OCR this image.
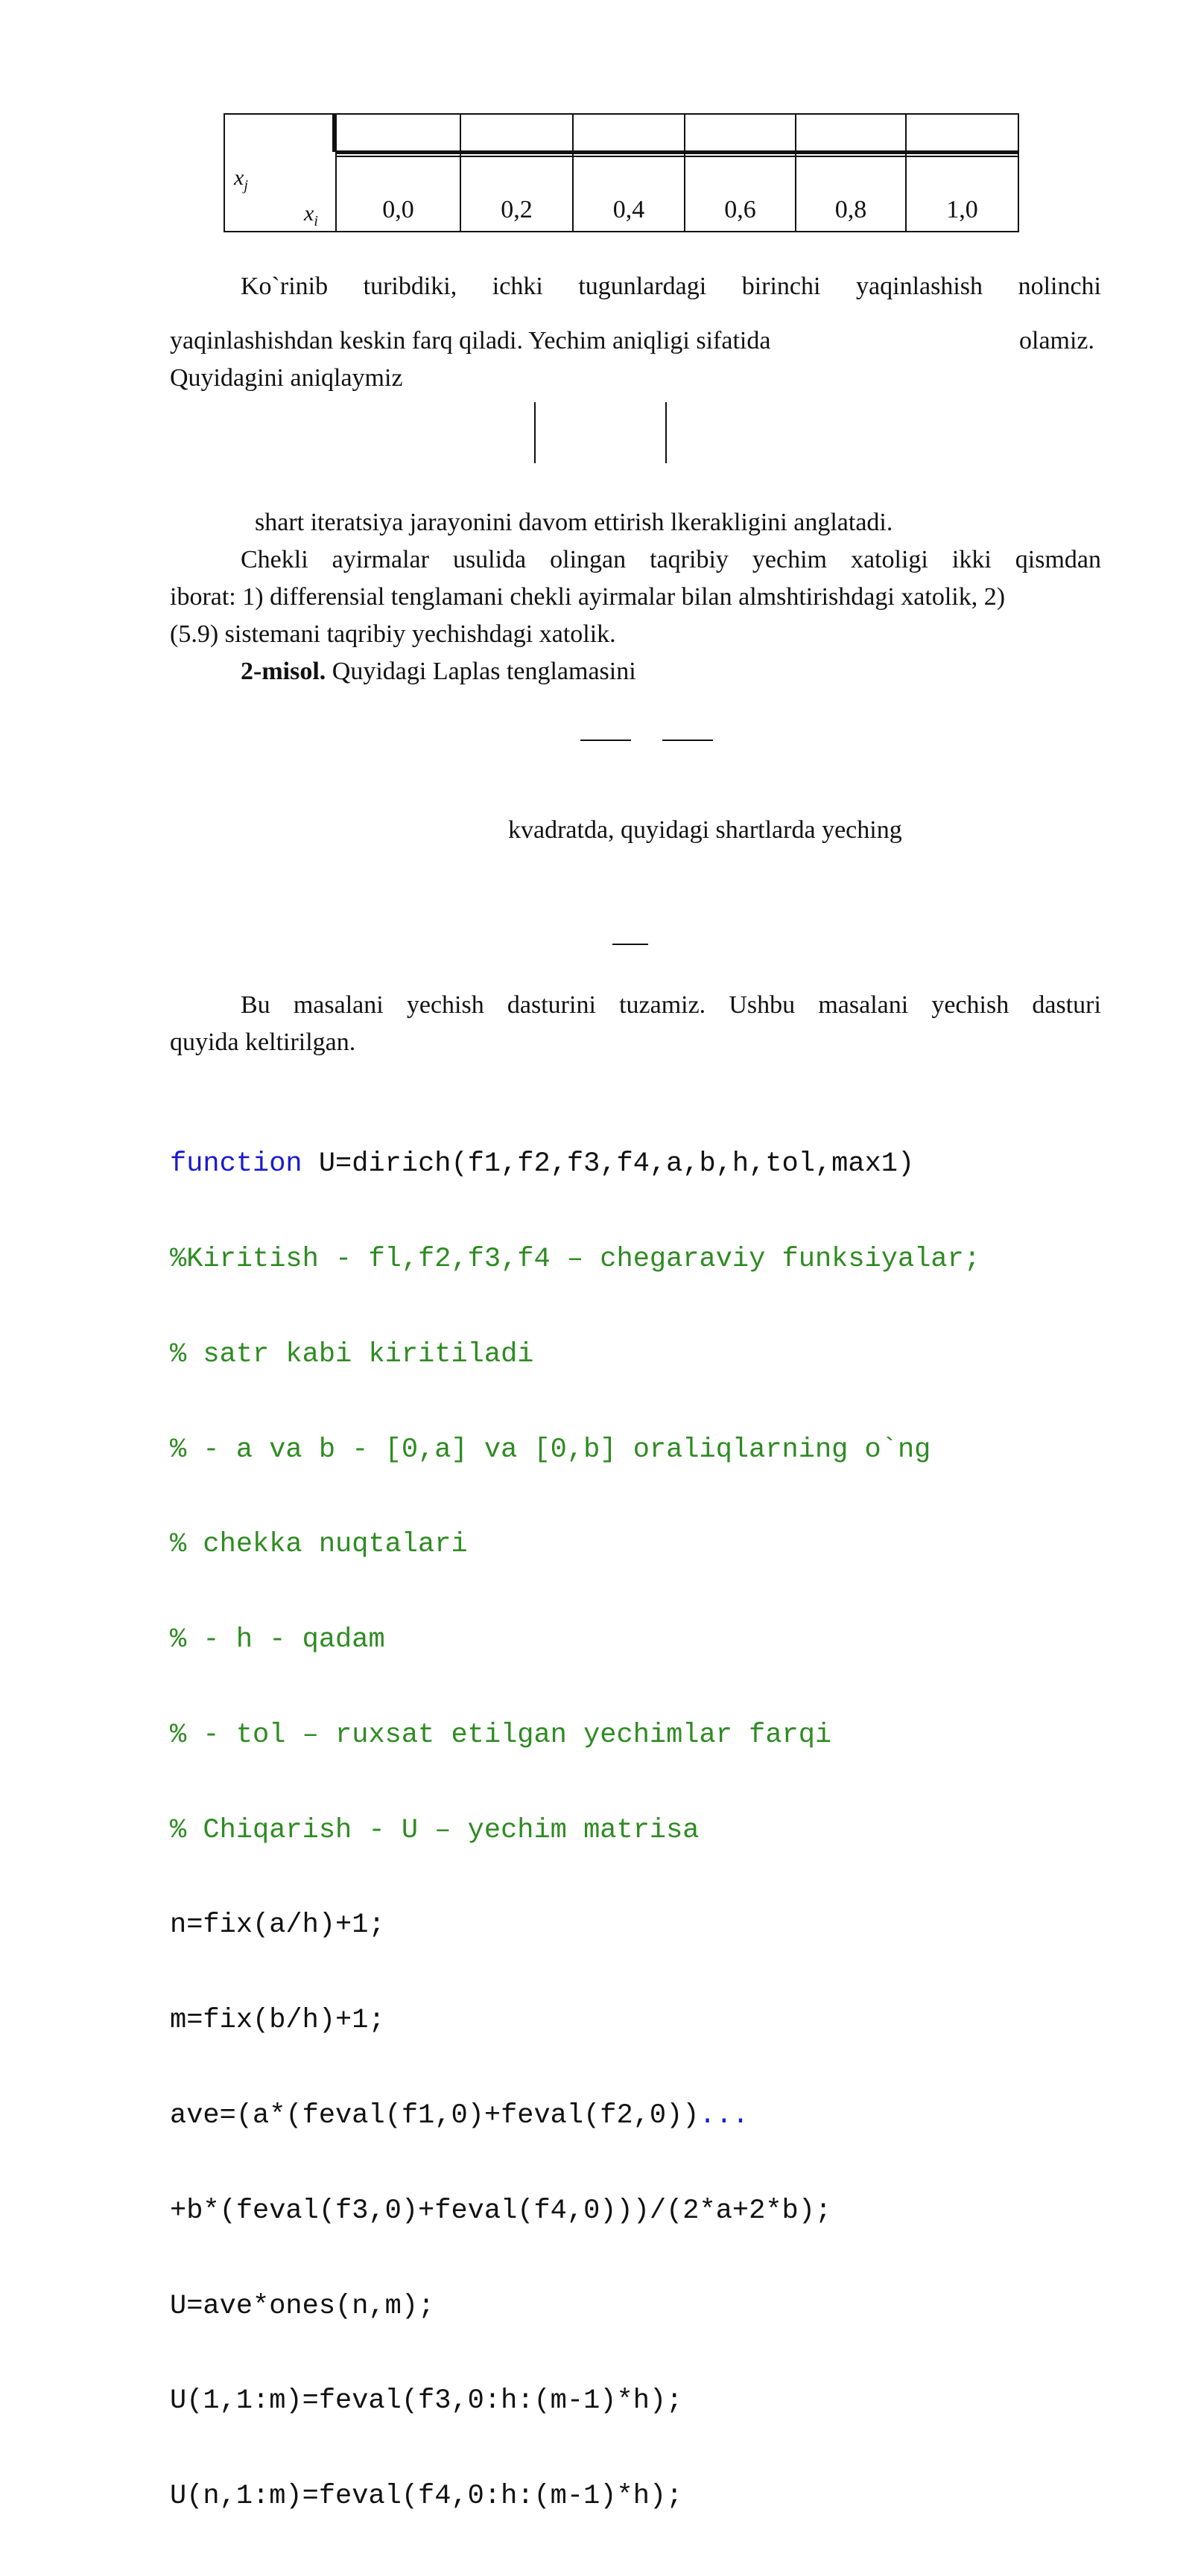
$x_j$
$x_i$	0,0	0,2	0,4	0,6	0,8	1,0
Ko`rinib turibdiki, ichki tugunlardagi birinchi yaqinlashish nolinchi
yaqinlashishdan keskin farq qiladi. Yechim aniqligi sifatida	olamiz.
Quyidagini aniqlaymiz
shart iteratsiya jarayonini davom ettirish lkerakligini anglatadi.
Chekli ayirmalar usulida olingan taqribiy yechim xatoligi ikki qismdan
iborat: 1) differensial tenglamani chekli ayirmalar bilan almshtirishdagi xatolik, 2)
(5.9) sistemani taqribiy yechishdagi xatolik.
2-misol. Quyidagi Laplas tenglamasini
kvadratda, quyidagi shartlarda yeching
Bu masalani yechish dasturini tuzamiz. Ushbu masalani yechish dasturi
quyida keltirilgan.

function U=dirich(f1,f2,f3,f4,a,b,h,tol,max1)

%Kiritish - fl,f2,f3,f4 – chegaraviy funksiyalar;

% satr kabi kiritiladi

% - a va b - [0,a] va [0,b] oraliqlarning o`ng

% chekka nuqtalari

% - h - qadam

% - tol – ruxsat etilgan yechimlar farqi

% Chiqarish - U – yechim matrisa

n=fix(a/h)+1;

m=fix(b/h)+1;

ave=(a*(feval(f1,0)+feval(f2,0))...

+b*(feval(f3,0)+feval(f4,0)))/(2*a+2*b);

U=ave*ones(n,m);

U(1,1:m)=feval(f3,0:h:(m-1)*h);

U(n,1:m)=feval(f4,0:h:(m-1)*h);
